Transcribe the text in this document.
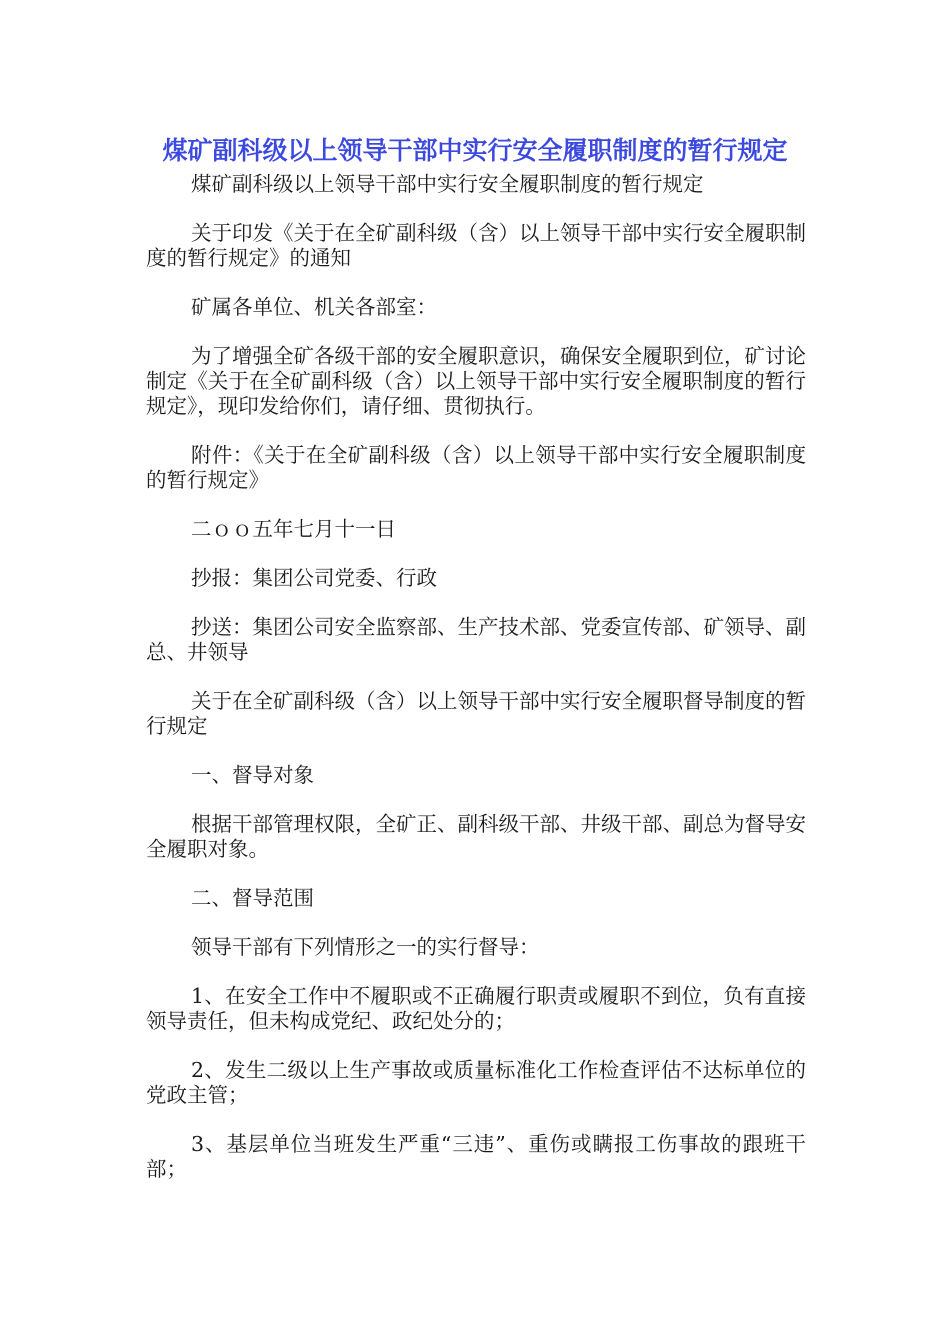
煤矿副科级以上领导干部中实行安全履职制度的暂行规定

煤矿副科级以上领导干部中实行安全履职制度的暂行规定

关于印发《关于在全矿副科级（含）以上领导干部中实行安全履职制度的暂行规定》的通知

矿属各单位、机关各部室：

为了增强全矿各级干部的安全履职意识，确保安全履职到位，矿讨论制定《关于在全矿副科级（含）以上领导干部中实行安全履职制度的暂行规定》，现印发给你们，请仔细、贯彻执行。

附件：《关于在全矿副科级（含）以上领导干部中实行安全履职制度的暂行规定》

二ｏｏ五年七月十一日

抄报：集团公司党委、行政

抄送：集团公司安全监察部、生产技术部、党委宣传部、矿领导、副总、井领导

关于在全矿副科级（含）以上领导干部中实行安全履职督导制度的暂行规定

一、督导对象

根据干部管理权限，全矿正、副科级干部、井级干部、副总为督导安全履职对象。

二、督导范围

领导干部有下列情形之一的实行督导：

1、在安全工作中不履职或不正确履行职责或履职不到位，负有直接领导责任，但未构成党纪、政纪处分的；

2、发生二级以上生产事故或质量标准化工作检查评估不达标单位的党政主管；

3、基层单位当班发生严重“三违”、重伤或瞒报工伤事故的跟班干部；
